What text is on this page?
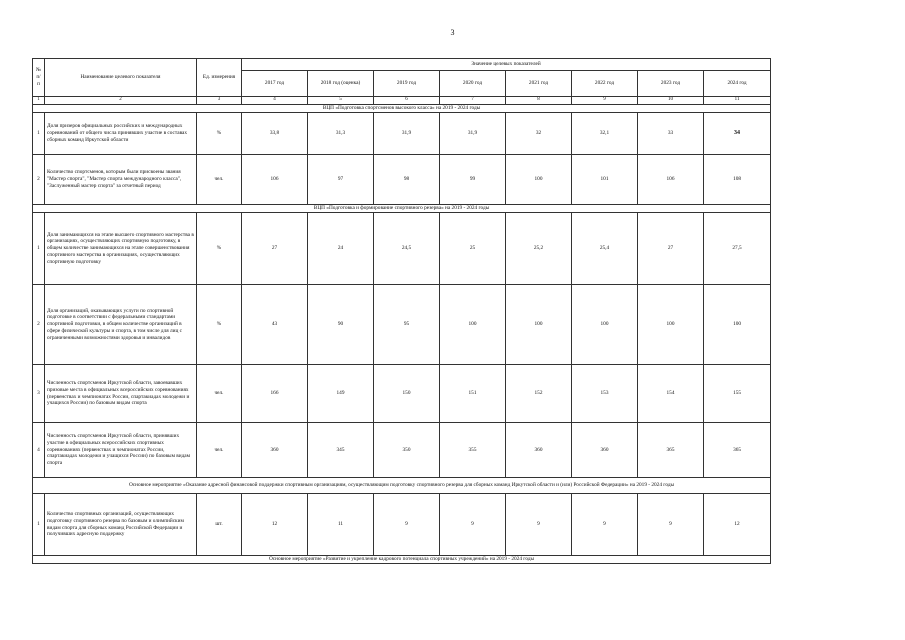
3
№ п/п	Наименование целевого показателя	Ед. измерения	Значение целевых показателей							
			2017 год	2018 год (оценка)	2019 год	2020 год	2021 год	2022 год	2023 год	2024 год
1	2	3	4	5	6	7	8	9	10	11
ВЦП «Подготовка спортсменов высокого класса» на 2019 - 2024 годы										
1	Доля призеров официальных российских и международных соревнований от общего числа принявших участие в составах сборных команд Иркутской области	%	33,8	31,3	31,9	31,9	32	32,1	33	34
2	Количество спортсменов, которым были присвоены звания "Мастер спорта", "Мастер спорта международного класса", "Заслуженный мастер спорта" за отчетный период	чел.	106	97	98	99	100	101	106	108
ВЦП «Подготовка и формирование спортивного резерва» на 2019 - 2024 годы										
1	Доля занимающихся на этапе высшего спортивного мастерства в организациях, осуществляющих спортивную подготовку, в общем количестве занимающихся на этапе совершенствования спортивного мастерства в организациях, осуществляющих спортивную подготовку	%	27	24	24,5	25	25,2	25,4	27	27,5
2	Доля организаций, оказывающих услуги по спортивной подготовке в соответствии с федеральными стандартами спортивной подготовки, в общем количестве организаций в сфере физической культуры и спорта, в том числе для лиц с ограниченными возможностями здоровья и инвалидов	%	43	90	95	100	100	100	100	100
3	Численность спортсменов Иркутской области, завоевавших призовые места в официальных всероссийских соревнованиях (первенствах и чемпионатах России, спартакиадах молодежи и учащихся России) по базовым видам спорта	чел.	166	149	150	151	152	153	154	155
4	Численность спортсменов Иркутской области, принявших участие в официальных всероссийских спортивных соревнованиях (первенствах и чемпионатах России, спартакиадах молодежи и учащихся России) по базовым видам спорта	чел.	360	345	350	355	360	360	365	365
Основное мероприятие «Оказание адресной финансовой поддержки спортивным организациям, осуществляющим подготовку спортивного резерва для сборных команд Иркутской области и (или) Российской Федерации» на 2019 - 2024 годы										
1	Количество спортивных организаций, осуществляющих подготовку спортивного резерва по базовым и олимпийским видам спорта для сборных команд Российской Федерации и получивших адресную поддержку	шт.	12	11	9	9	9	9	9	12
Основное мероприятие «Развитие и укрепление кадрового потенциала спортивных учреждений» на 2019 - 2024 годы										
